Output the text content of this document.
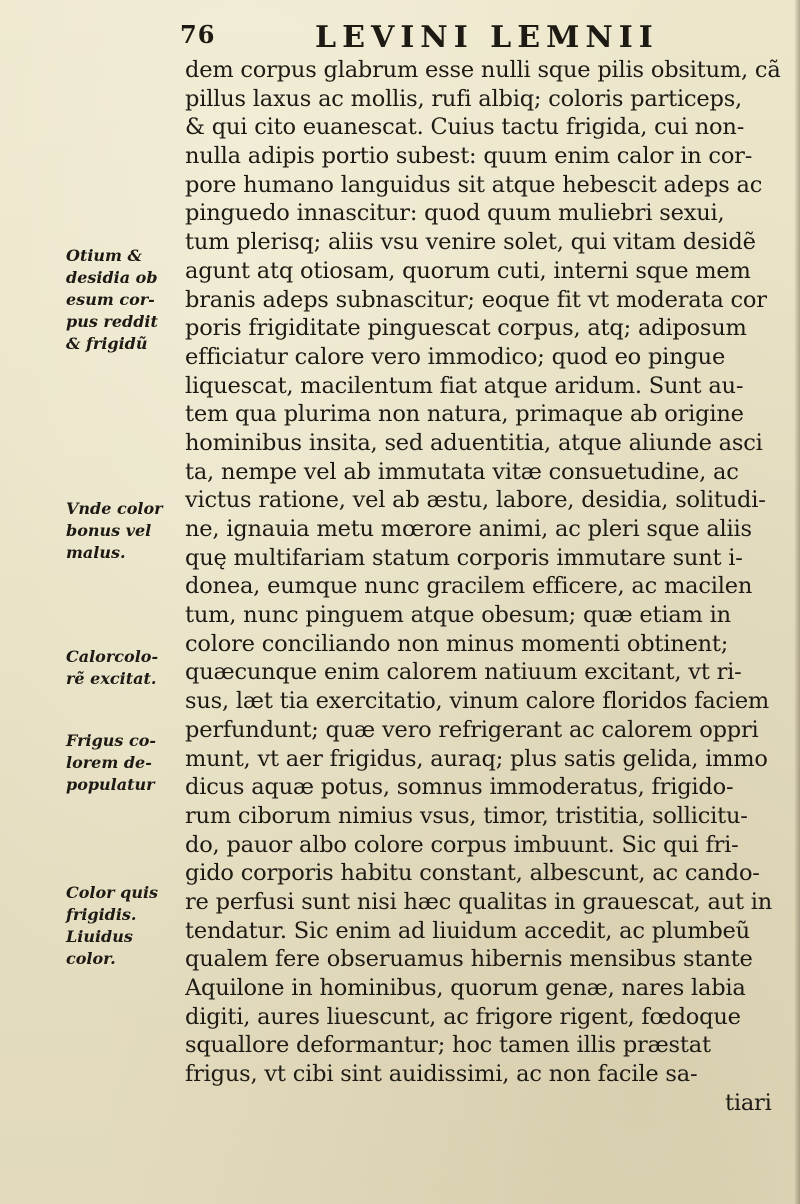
76	LEVINI LEMNII
dem corpus glabrum esse nulli sque pilis obsitum, cã
pillus laxus ac mollis, rufi albiq; coloris particeps,
& qui cito euanescat. Cuius tactu frigida, cui non-
nulla adipis portio subest: quum enim calor in cor-
pore humano languidus sit atque hebescit adeps ac
pinguedo innascitur: quod quum muliebri sexui,
tum plerisq; aliis vsu venire solet, qui vitam desidẽ
agunt atq otiosam, quorum cuti, interni sque mem
branis adeps subnascitur; eoque fit vt moderata cor
poris frigiditate pinguescat corpus, atq; adiposum
efficiatur calore vero immodico; quod eo pingue
liquescat, macilentum fiat atque aridum. Sunt au-
tem qua plurima non natura, primaque ab origine
hominibus insita, sed aduentitia, atque aliunde asci
ta, nempe vel ab immutata vitæ consuetudine, ac
victus ratione, vel ab æstu, labore, desidia, solitudi-
ne, ignauia metu mœrore animi, ac pleri sque aliis
quę multifariam statum corporis immutare sunt i-
donea, eumque nunc gracilem efficere, ac macilen
tum, nunc pinguem atque obesum; quæ etiam in
colore conciliando non minus momenti obtinent;
quæcunque enim calorem natiuum excitant, vt ri-
sus, læt tia exercitatio, vinum calore floridos faciem
perfundunt; quæ vero refrigerant ac calorem oppri
munt, vt aer frigidus, auraq; plus satis gelida, immo
dicus aquæ potus, somnus immoderatus, frigido-
rum ciborum nimius vsus, timor, tristitia, sollicitu-
do, pauor albo colore corpus imbuunt. Sic qui fri-
gido corporis habitu constant, albescunt, ac cando-
re perfusi sunt nisi hæc qualitas in grauescat, aut in
tendatur. Sic enim ad liuidum accedit, ac plumbeũ
qualem fere obseruamus hibernis mensibus stante
Aquilone in hominibus, quorum genæ, nares labia
digiti, aures liuescunt, ac frigore rigent, fœdoque
squallore deformantur; hoc tamen illis præstat
frigus, vt cibi sint auidissimi, ac non facile sa-
tiari
Otium &
desidia ob
esum cor-
pus reddit
& frigidũ
Vnde color
bonus vel
malus.
Calorcolo-
rẽ excitat.
Frigus co-
lorem de-
populatur
Color quis
frigidis.
Liuidus
color.
